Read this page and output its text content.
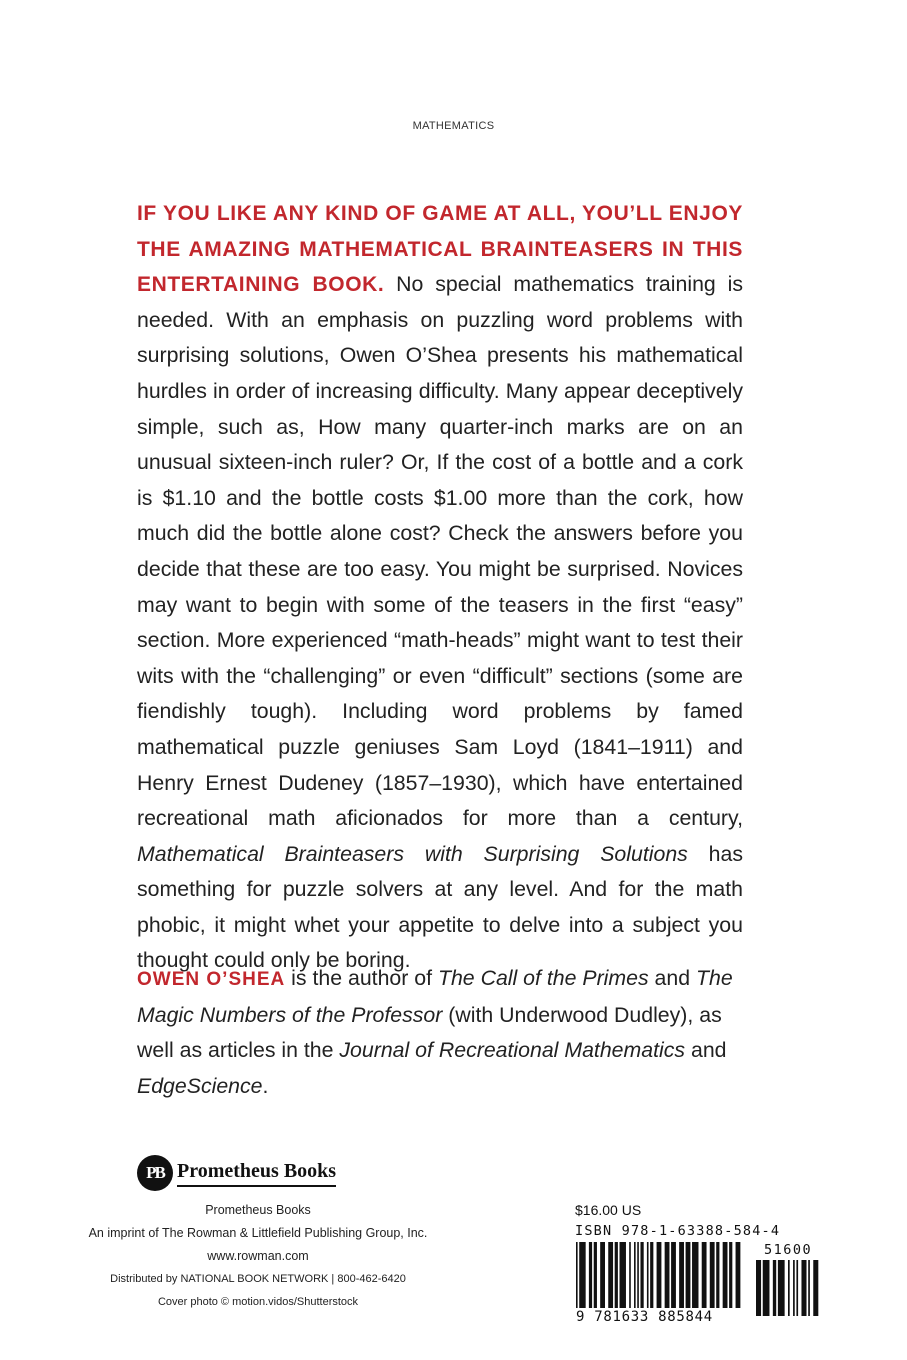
MATHEMATICS
IF YOU LIKE ANY KIND OF GAME AT ALL, YOU’LL ENJOY THE AMAZING MATHEMATICAL BRAINTEASERS IN THIS ENTERTAINING BOOK. No special mathematics training is needed. With an emphasis on puzzling word problems with surprising solutions, Owen O’Shea presents his mathematical hurdles in order of increasing difficulty. Many appear deceptively simple, such as, How many quarter-inch marks are on an unusual sixteen-inch ruler? Or, If the cost of a bottle and a cork is $1.10 and the bottle costs $1.00 more than the cork, how much did the bottle alone cost? Check the answers before you decide that these are too easy. You might be surprised. Novices may want to begin with some of the teasers in the first “easy” section. More experienced “math-heads” might want to test their wits with the “challenging” or even “difficult” sections (some are fiendishly tough). Including word problems by famed mathematical puzzle geniuses Sam Loyd (1841–1911) and Henry Ernest Dudeney (1857–1930), which have entertained recreational math aficionados for more than a century, Mathematical Brainteasers with Surprising Solutions has something for puzzle solvers at any level. And for the math phobic, it might whet your appetite to delve into a subject you thought could only be boring.
OWEN O’SHEA is the author of The Call of the Primes and The Magic Numbers of the Professor (with Underwood Dudley), as well as articles in the Journal of Recreational Mathematics and EdgeScience.
PB Prometheus Books
Prometheus Books
An imprint of The Rowman & Littlefield Publishing Group, Inc.
www.rowman.com
Distributed by NATIONAL BOOK NETWORK | 800-462-6420
Cover photo © motion.vidos/Shutterstock
$16.00 US
ISBN 978-1-63388-584-4
51600
9 781633 885844
